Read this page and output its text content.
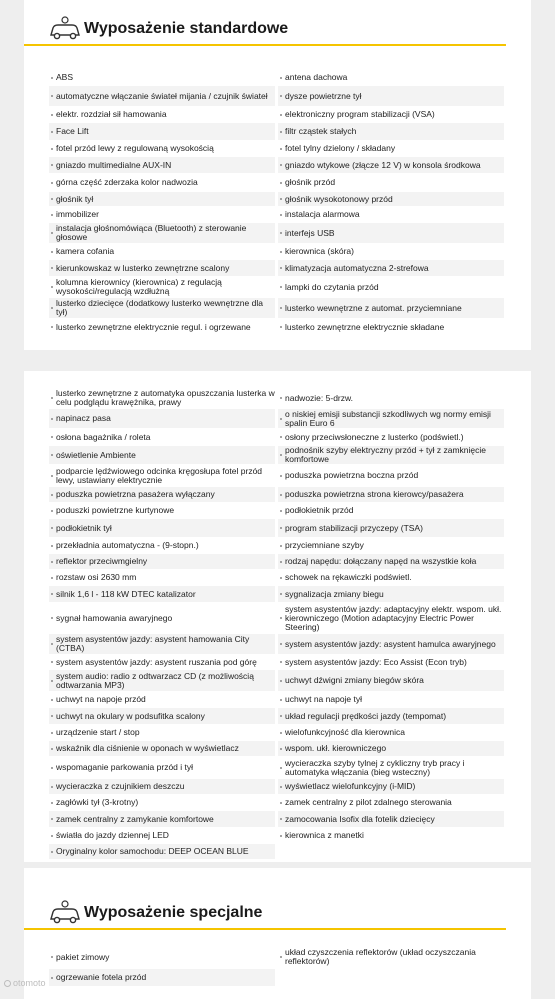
Wyposażenie standardowe
ABS
automatyczne włączanie świateł mijania / czujnik świateł
elektr. rozdział sił hamowania
Face Lift
fotel przód lewy z regulowaną wysokością
gniazdo multimedialne AUX-IN
górna część zderzaka kolor nadwozia
głośnik tył
immobilizer
instalacja głośnomówiąca (Bluetooth) z sterowanie głosowe
kamera cofania
kierunkowskaz w lusterko zewnętrzne scalony
kolumna kierownicy (kierownica) z regulacją wysokości/regulacją wzdłużną
lusterko dziecięce (dodatkowy lusterko wewnętrzne dla tył)
lusterko zewnętrzne elektrycznie regul. i ogrzewane
antena dachowa
dysze powietrzne tył
elektroniczny program stabilizacji (VSA)
filtr cząstek stałych
fotel tylny dzielony / składany
gniazdo wtykowe (złącze 12 V) w konsola środkowa
głośnik przód
głośnik wysokotonowy przód
instalacja alarmowa
interfejs USB
kierownica (skóra)
klimatyzacja automatyczna 2-strefowa
lampki do czytania przód
lusterko wewnętrzne z automat. przyciemniane
lusterko zewnętrzne elektrycznie składane
lusterko zewnętrzne z automatyka opuszczania lusterka w celu podglądu krawężnika, prawy
napinacz pasa
osłona bagażnika / roleta
oświetlenie Ambiente
podparcie lędźwiowego odcinka kręgosłupa fotel przód lewy, ustawiany elektrycznie
poduszka powietrzna pasażera wyłączany
poduszki powietrzne kurtynowe
podłokietnik tył
przekładnia automatyczna - (9-stopn.)
reflektor przeciwmgielny
rozstaw osi 2630 mm
silnik 1,6 l - 118 kW DTEC katalizator
sygnał hamowania awaryjnego
system asystentów jazdy: asystent hamowania City (CTBA)
system asystentów jazdy: asystent ruszania pod górę
system audio: radio z odtwarzacz CD (z możliwością odtwarzania MP3)
uchwyt na napoje przód
uchwyt na okulary w podsufitka scalony
urządzenie start / stop
wskaźnik dla ciśnienie w oponach w wyświetlacz
wspomaganie parkowania przód i tył
wycieraczka z czujnikiem deszczu
zagłówki tył (3-krotny)
zamek centralny z zamykanie komfortowe
światła do jazdy dziennej LED
Oryginalny kolor samochodu: DEEP OCEAN BLUE
nadwozie: 5-drzw.
o niskiej emisji substancji szkodliwych wg normy emisji spalin Euro 6
osłony przeciwsłoneczne z lusterko (podświetl.)
podnośnik szyby elektryczny przód + tył z zamknięcie komfortowe
poduszka powietrzna boczna przód
poduszka powietrzna strona kierowcy/pasażera
podłokietnik przód
program stabilizacji przyczepy (TSA)
przyciemniane szyby
rodzaj napędu: dołączany napęd na wszystkie koła
schowek na rękawiczki podświetl.
sygnalizacja zmiany biegu
system asystentów jazdy: adaptacyjny elektr. wspom. ukł. kierowniczego (Motion adaptacyjny Electric Power Steering)
system asystentów jazdy: asystent hamulca awaryjnego
system asystentów jazdy: Eco Assist (Econ tryb)
uchwyt dźwigni zmiany biegów skóra
uchwyt na napoje tył
układ regulacji prędkości jazdy (tempomat)
wielofunkcyjność dla kierownica
wspom. ukł. kierowniczego
wycieraczka szyby tylnej z cykliczny tryb pracy i automatyka włączania (bieg wsteczny)
wyświetlacz wielofunkcyjny (i-MID)
zamek centralny z pilot zdalnego sterowania
zamocowania Isofix dla fotelik dziecięcy
kierownica z manetki
Wyposażenie specjalne
pakiet zimowy
ogrzewanie fotela przód
układ czyszczenia reflektorów (układ oczyszczania reflektorów)
otomoto
